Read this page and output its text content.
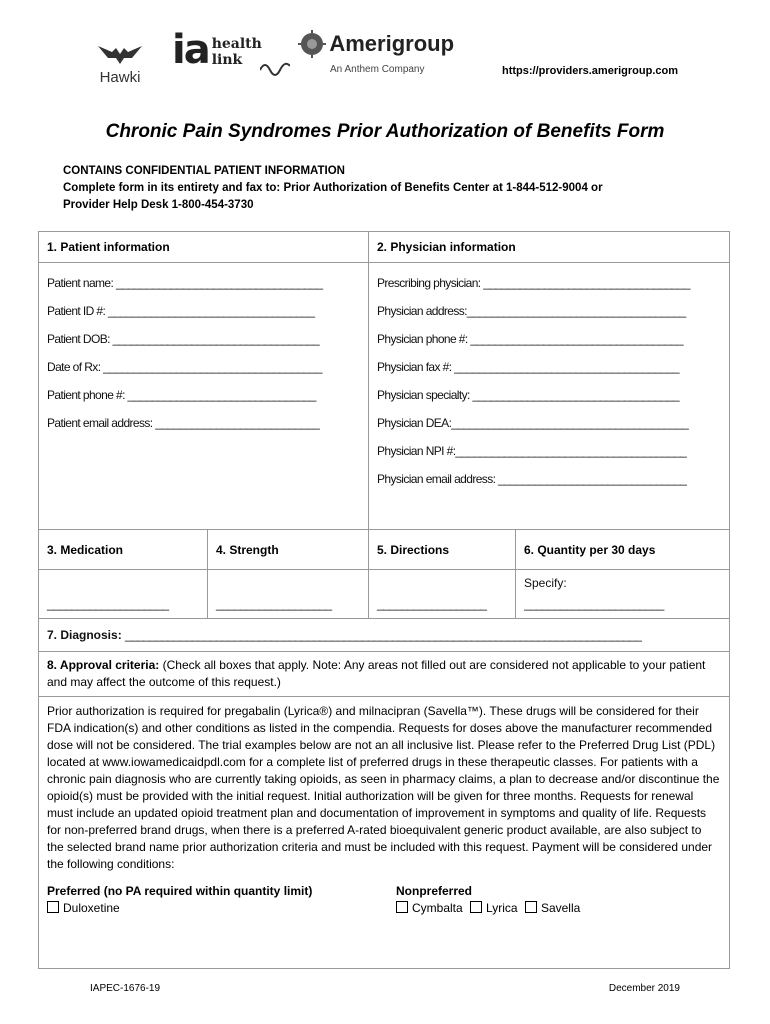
Hawki
ia health
link
Amerigroup
An Anthem Company	https://providers.amerigroup.com
Chronic Pain Syndromes Prior Authorization of Benefits Form
CONTAINS CONFIDENTIAL PATIENT INFORMATION
Complete form in its entirety and fax to: Prior Authorization of Benefits Center at 1-844-512-9004 or
Provider Help Desk 1-800-454-3730
1. Patient information	2. Physician information
Patient name: __________________________________
Patient ID #: __________________________________
Patient DOB: __________________________________
Date of Rx: ____________________________________
Patient phone #: _______________________________
Patient email address: ___________________________
Prescribing physician: __________________________________
Physician address:____________________________________
Physician phone #: ___________________________________
Physician fax #: _____________________________________
Physician specialty: __________________________________
Physician DEA:_______________________________________
Physician NPI #:______________________________________
Physician email address: _______________________________
3. Medication	4. Strength	5. Directions	6. Quantity per 30 days
____________________	___________________	__________________
Specify:
_______________________
7. Diagnosis: _____________________________________________________________________________________
8. Approval criteria: (Check all boxes that apply. Note: Any areas not filled out are considered not applicable to your patient and may affect the outcome of this request.)
Prior authorization is required for pregabalin (Lyrica®) and milnacipran (Savella™). These drugs will be considered for their FDA indication(s) and other conditions as listed in the compendia. Requests for doses above the manufacturer recommended dose will not be considered. The trial examples below are not an all inclusive list. Please refer to the Preferred Drug List (PDL) located at www.iowamedicaidpdl.com for a complete list of preferred drugs in these therapeutic classes. For patients with a chronic pain diagnosis who are currently taking opioids, as seen in pharmacy claims, a plan to decrease and/or discontinue the opioid(s) must be provided with the initial request. Initial authorization will be given for three months. Requests for renewal must include an updated opioid treatment plan and documentation of improvement in symptoms and quality of life. Requests for non-preferred brand drugs, when there is a preferred A-rated bioequivalent generic product available, are also subject to the selected brand name prior authorization criteria and must be included with this request. Payment will be considered under the following conditions:
Preferred (no PA required within quantity limit)
Duloxetine
Nonpreferred
Cymbalta Lyrica Savella
IAPEC-1676-19	December 2019
